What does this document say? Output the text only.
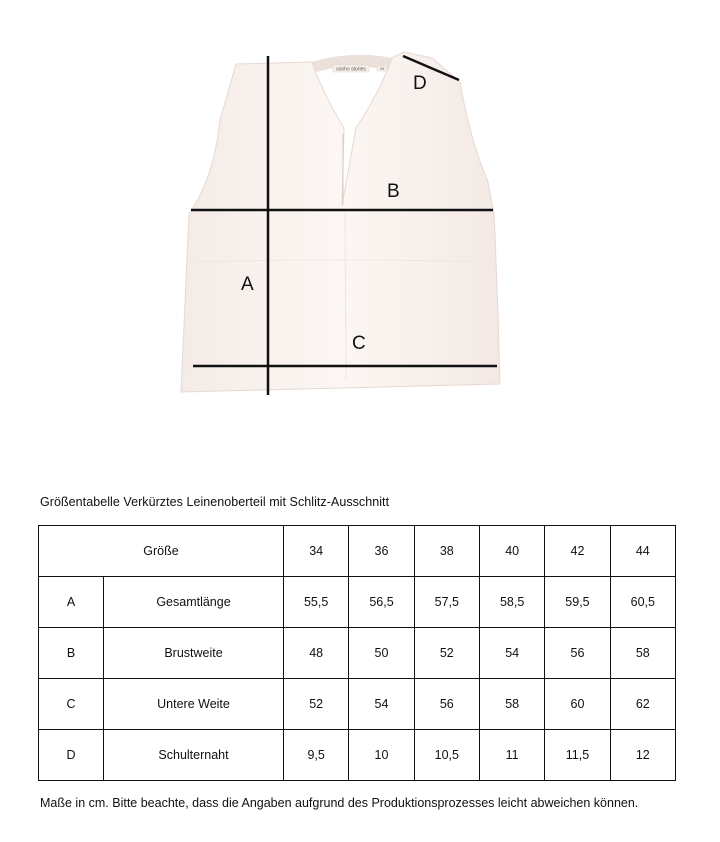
sonho stories	XS
A
B
C
D
Größentabelle Verkürztes Leinenoberteil mit Schlitz-Ausschnitt
Größe		34	36	38	40	42	44
A	Gesamtlänge	55,5	56,5	57,5	58,5	59,5	60,5
B	Brustweite	48	50	52	54	56	58
C	Untere Weite	52	54	56	58	60	62
D	Schulternaht	9,5	10	10,5	11	11,5	12
Maße in cm. Bitte beachte, dass die Angaben aufgrund des Produktionsprozesses leicht abweichen können.
